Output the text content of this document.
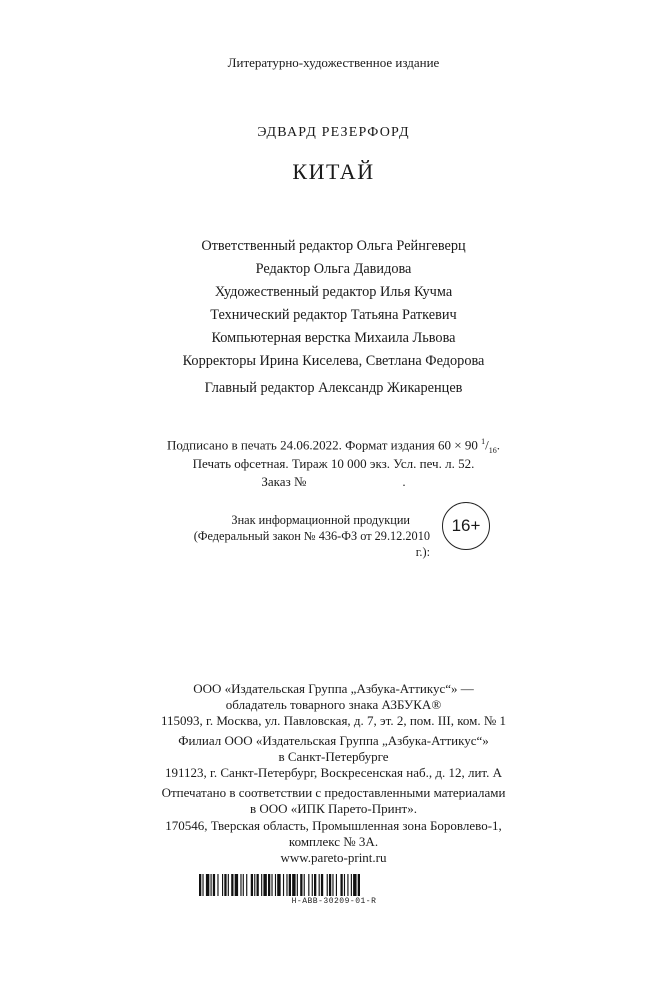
Литературно-художественное издание
ЭДВАРД РЕЗЕРФОРД
КИТАЙ
Ответственный редактор Ольга Рейнгеверц
Редактор Ольга Давидова
Художественный редактор Илья Кучма
Технический редактор Татьяна Раткевич
Компьютерная верстка Михаила Львова
Корректоры Ирина Киселева, Светлана Федорова
Главный редактор Александр Жикаренцев
Подписано в печать 24.06.2022. Формат издания 60 × 90 $^1/_{16}$.
Печать офсетная. Тираж 10 000 экз. Усл. печ. л. 52.
Заказ №	.
Знак информационной продукции
(Федеральный закон № 436-ФЗ от 29.12.2010 г.):
16+
ООО «Издательская Группа „Азбука-Аттикус“» —
обладатель товарного знака АЗБУКА®
115093, г. Москва, ул. Павловская, д. 7, эт. 2, пом. III, ком. № 1
Филиал ООО «Издательская Группа „Азбука-Аттикус“»
в Санкт-Петербурге
191123, г. Санкт-Петербург, Воскресенская наб., д. 12, лит. А
Отпечатано в соответствии с предоставленными материалами
в ООО «ИПК Парето-Принт».
170546, Тверская область, Промышленная зона Боровлево-1,
комплекс № 3А.
www.pareto-print.ru
H-ABB-30209-01-R
